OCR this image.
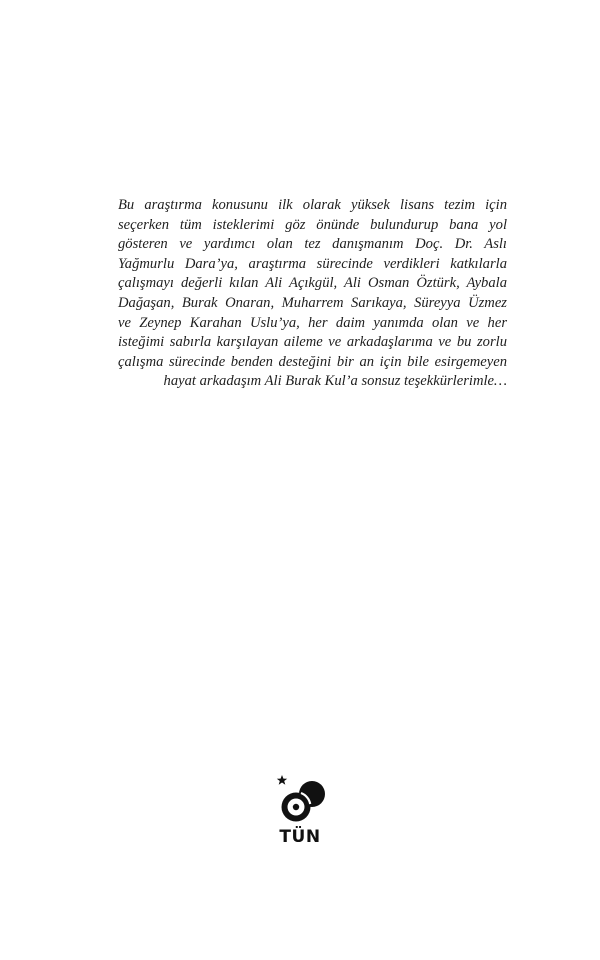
Bu araştırma konusunu ilk olarak yüksek lisans tezim için
seçerken tüm isteklerimi göz önünde bulundurup bana yol
gösteren ve yardımcı olan tez danışmanım Doç. Dr. Aslı
Yağmurlu Dara’ya, araştırma sürecinde verdikleri katkılarla
çalışmayı değerli kılan Ali Açıkgül, Ali Osman Öztürk, Aybala
Dağaşan, Burak Onaran, Muharrem Sarıkaya, Süreyya Üzmez
ve Zeynep Karahan Uslu’ya, her daim yanımda olan ve her
isteğimi sabırla karşılayan aileme ve arkadaşlarıma ve bu zorlu
çalışma sürecinde benden desteğini bir an için bile esirgemeyen
hayat arkadaşım Ali Burak Kul’a sonsuz teşekkürlerimle…
TÜN
